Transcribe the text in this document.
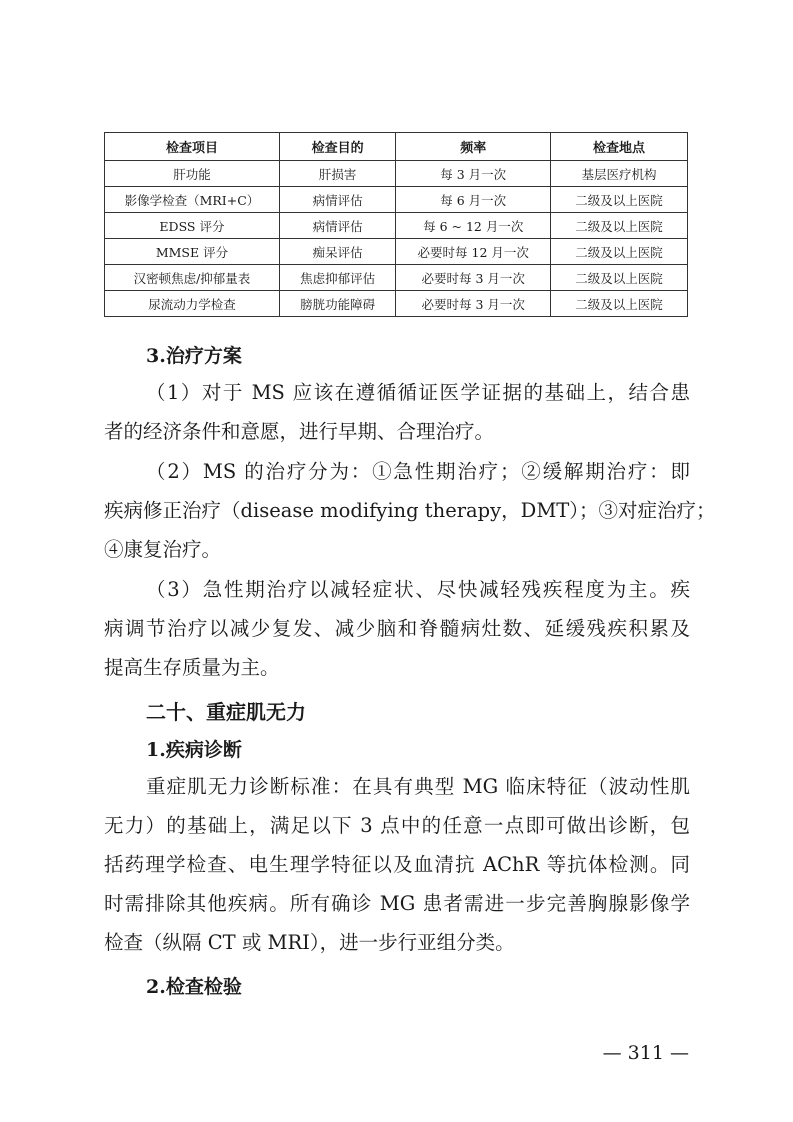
检查项目	检查目的	频率	检查地点
肝功能	肝损害	每 3 月一次	基层医疗机构
影像学检查（MRI+C）	病情评估	每 6 月一次	二级及以上医院
EDSS 评分	病情评估	每 6 ~ 12 月一次	二级及以上医院
MMSE 评分	痴呆评估	必要时每 12 月一次	二级及以上医院
汉密顿焦虑/抑郁量表	焦虑抑郁评估	必要时每 3 月一次	二级及以上医院
尿流动力学检查	膀胱功能障碍	必要时每 3 月一次	二级及以上医院
3.治疗方案
（1）对于 MS 应该在遵循循证医学证据的基础上，结合患
者的经济条件和意愿，进行早期、合理治疗。
（2）MS 的治疗分为：①急性期治疗；②缓解期治疗：即
疾病修正治疗（disease modifying therapy，DMT）；③对症治疗；
④康复治疗。
（3）急性期治疗以减轻症状、尽快减轻残疾程度为主。疾
病调节治疗以减少复发、减少脑和脊髓病灶数、延缓残疾积累及
提高生存质量为主。
二十、重症肌无力
1.疾病诊断
重症肌无力诊断标准：在具有典型 MG 临床特征（波动性肌
无力）的基础上，满足以下 3 点中的任意一点即可做出诊断，包
括药理学检查、电生理学特征以及血清抗 AChR 等抗体检测。同
时需排除其他疾病。所有确诊 MG 患者需进一步完善胸腺影像学
检查（纵隔 CT 或 MRI），进一步行亚组分类。
2.检查检验
— 311 —
